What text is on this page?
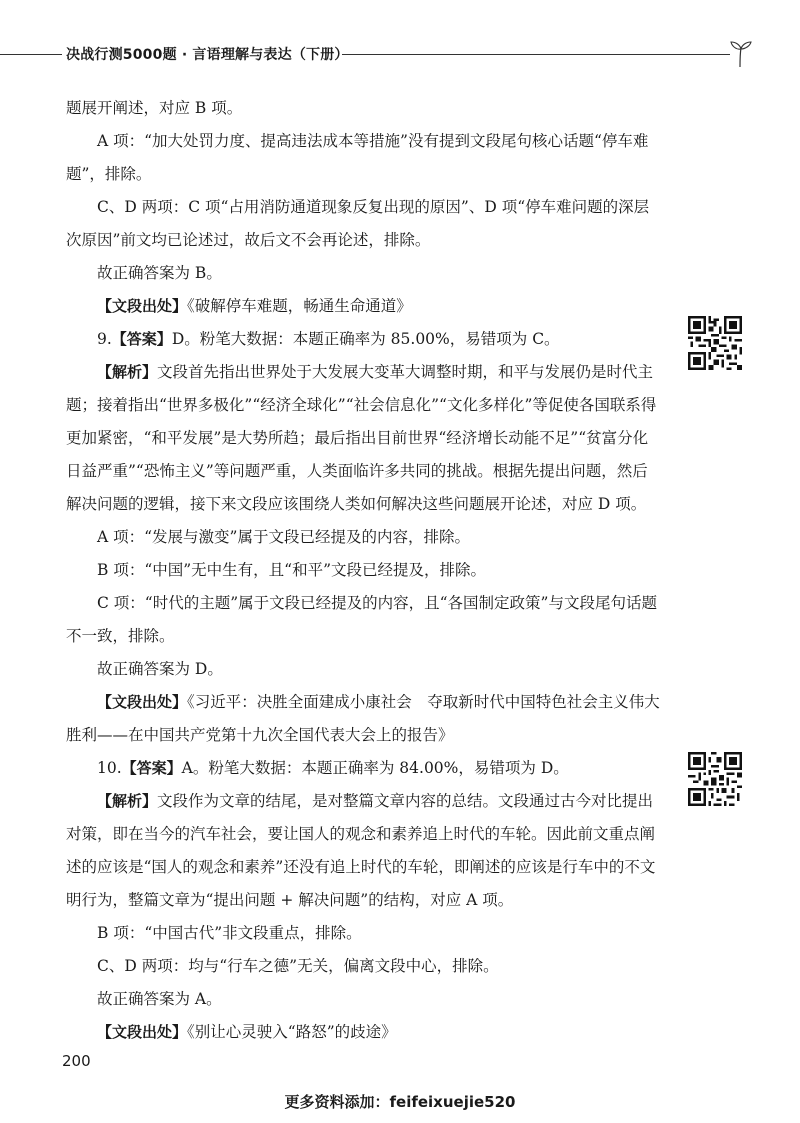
决战行测5000题 · 言语理解与表达（下册）

题展开阐述，对应 B 项。

A 项：“加大处罚力度、提高违法成本等措施”没有提到文段尾句核心话题“停车难题”，排除。

C、D 两项：C 项“占用消防通道现象反复出现的原因”、D 项“停车难问题的深层次原因”前文均已论述过，故后文不会再论述，排除。

故正确答案为 B。

【文段出处】《破解停车难题，畅通生命通道》

9.【答案】D。粉笔大数据：本题正确率为 85.00%，易错项为 C。

【解析】文段首先指出世界处于大发展大变革大调整时期，和平与发展仍是时代主题；接着指出“世界多极化”“经济全球化”“社会信息化”“文化多样化”等促使各国联系得更加紧密，“和平发展”是大势所趋；最后指出目前世界“经济增长动能不足”“贫富分化日益严重”“恐怖主义”等问题严重，人类面临许多共同的挑战。根据先提出问题，然后解决问题的逻辑，接下来文段应该围绕人类如何解决这些问题展开论述，对应 D 项。

A 项：“发展与激变”属于文段已经提及的内容，排除。

B 项：“中国”无中生有，且“和平”文段已经提及，排除。

C 项：“时代的主题”属于文段已经提及的内容，且“各国制定政策”与文段尾句话题不一致，排除。

故正确答案为 D。

【文段出处】《习近平：决胜全面建成小康社会　夺取新时代中国特色社会主义伟大胜利——在中国共产党第十九次全国代表大会上的报告》

10.【答案】A。粉笔大数据：本题正确率为 84.00%，易错项为 D。

【解析】文段作为文章的结尾，是对整篇文章内容的总结。文段通过古今对比提出对策，即在当今的汽车社会，要让国人的观念和素养追上时代的车轮。因此前文重点阐述的应该是“国人的观念和素养”还没有追上时代的车轮，即阐述的应该是行车中的不文明行为，整篇文章为“提出问题 + 解决问题”的结构，对应 A 项。

B 项：“中国古代”非文段重点，排除。

C、D 两项：均与“行车之德”无关，偏离文段中心，排除。

故正确答案为 A。

【文段出处】《别让心灵驶入“路怒”的歧途》

200
更多资料添加：feifeixuejie520
